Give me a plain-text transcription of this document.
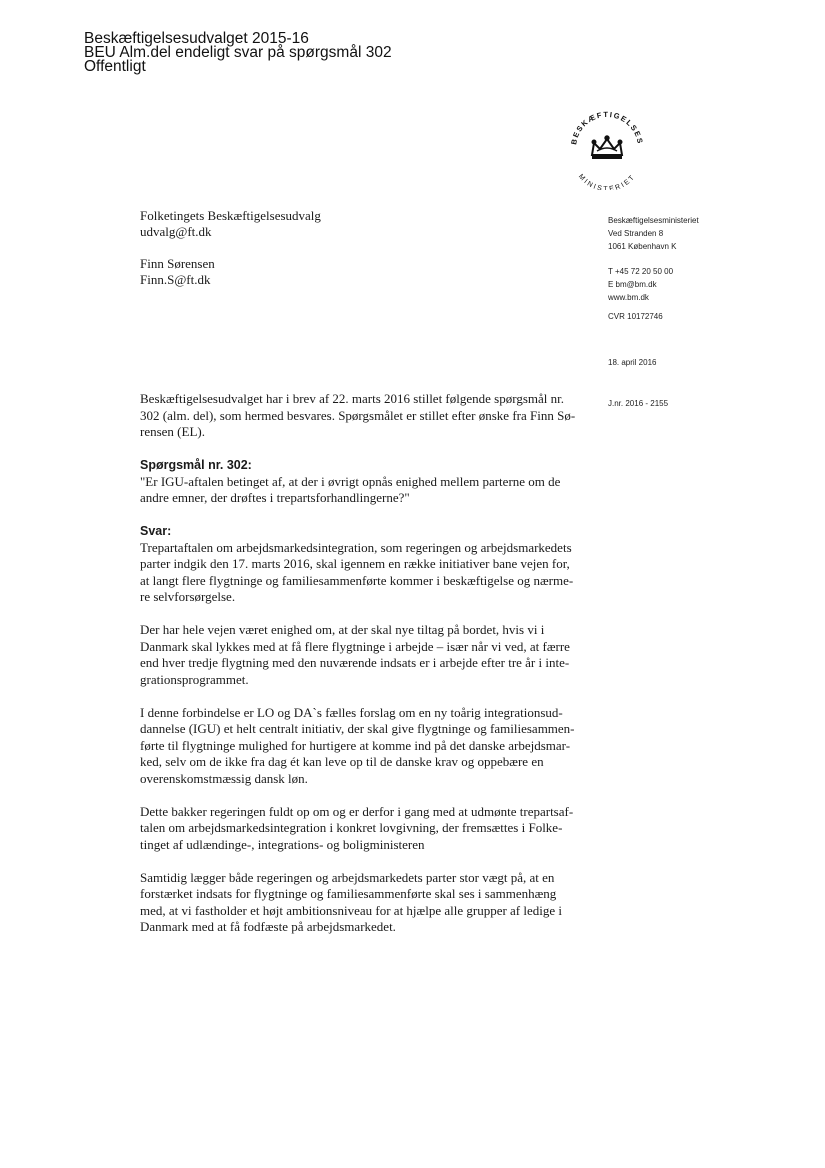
Beskæftigelsesudvalget 2015-16
BEU Alm.del endeligt svar på spørgsmål 302
Offentligt
BESKÆFTIGELSES
MINISTERIET
Folketingets Beskæftigelsesudvalg
udvalg@ft.dk
Finn Sørensen
Finn.S@ft.dk
Beskæftigelsesministeriet
Ved Stranden 8
1061 København K
T +45 72 20 50 00
E bm@bm.dk
www.bm.dk
CVR 10172746
18. april 2016
J.nr. 2016 - 2155

Beskæftigelsesudvalget har i brev af 22. marts 2016 stillet følgende spørgsmål nr.
302 (alm. del), som hermed besvares. Spørgsmålet er stillet efter ønske fra Finn Sø-
rensen (EL).

Spørgsmål nr. 302:

"Er IGU-aftalen betinget af, at der i øvrigt opnås enighed mellem parterne om de
andre emner, der drøftes i trepartsforhandlingerne?"

Svar:

Trepartaftalen om arbejdsmarkedsintegration, som regeringen og arbejdsmarkedets
parter indgik den 17. marts 2016, skal igennem en række initiativer bane vejen for,
at langt flere flygtninge og familiesammenførte kommer i beskæftigelse og nærme-
re selvforsørgelse.

Der har hele vejen været enighed om, at der skal nye tiltag på bordet, hvis vi i
Danmark skal lykkes med at få flere flygtninge i arbejde – især når vi ved, at færre
end hver tredje flygtning med den nuværende indsats er i arbejde efter tre år i inte-
grationsprogrammet.

I denne forbindelse er LO og DA`s fælles forslag om en ny toårig integrationsud-
dannelse (IGU) et helt centralt initiativ, der skal give flygtninge og familiesammen-
førte til flygtninge mulighed for hurtigere at komme ind på det danske arbejdsmar-
ked, selv om de ikke fra dag ét kan leve op til de danske krav og oppebære en
overenskomstmæssig dansk løn.

Dette bakker regeringen fuldt op om og er derfor i gang med at udmønte trepartsaf-
talen om arbejdsmarkedsintegration i konkret lovgivning, der fremsættes i Folke-
tinget af udlændinge-, integrations- og boligministeren

Samtidig lægger både regeringen og arbejdsmarkedets parter stor vægt på, at en
forstærket indsats for flygtninge og familiesammenførte skal ses i sammenhæng
med, at vi fastholder et højt ambitionsniveau for at hjælpe alle grupper af ledige i
Danmark med at få fodfæste på arbejdsmarkedet.
